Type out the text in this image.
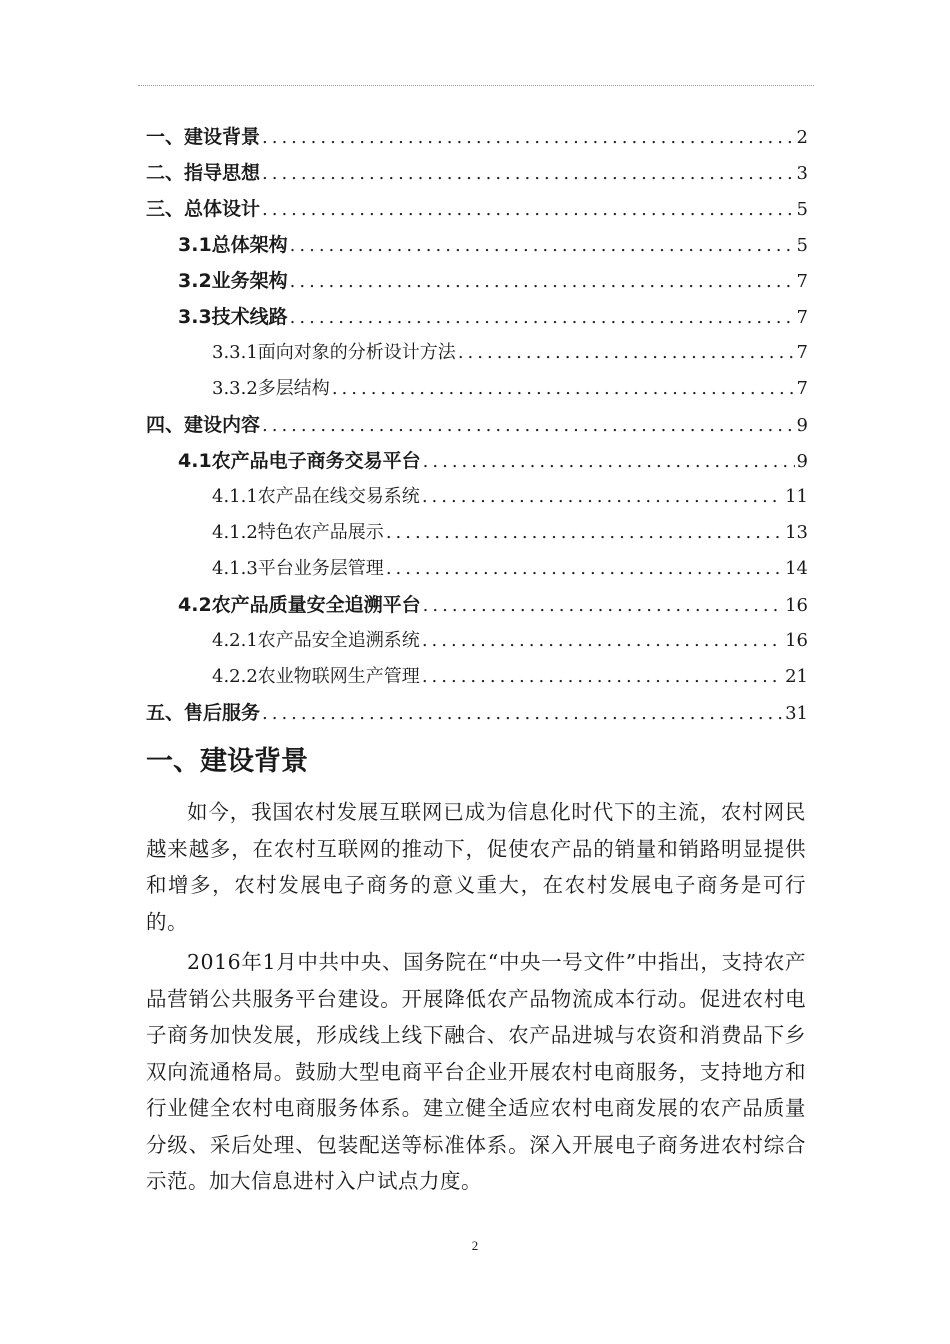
一、建设背景 .....	2
二、指导思想 .....	3
三、总体设计 .....	5
3.1总体架构 .....	5
3.2业务架构 .....	7
3.3技术线路 .....	7
3.3.1面向对象的分析设计方法 .....	7
3.3.2多层结构 .....	7
四、建设内容 .....	9
4.1农产品电子商务交易平台 .....	9
4.1.1农产品在线交易系统 .....	11
4.1.2特色农产品展示 .....	13
4.1.3平台业务层管理 .....	14
4.2农产品质量安全追溯平台 .....	16
4.2.1农产品安全追溯系统 .....	16
4.2.2农业物联网生产管理 .....	21
五、售后服务 .....	31
一、建设背景

如今，我国农村发展互联网已成为信息化时代下的主流，农村网民越来越多，在农村互联网的推动下，促使农产品的销量和销路明显提供和增多，农村发展电子商务的意义重大，在农村发展电子商务是可行的。

2016年1月中共中央、国务院在“中央一号文件”中指出，支持农产品营销公共服务平台建设。开展降低农产品物流成本行动。促进农村电子商务加快发展，形成线上线下融合、农产品进城与农资和消费品下乡双向流通格局。鼓励大型电商平台企业开展农村电商服务，支持地方和行业健全农村电商服务体系。建立健全适应农村电商发展的农产品质量分级、采后处理、包装配送等标准体系。深入开展电子商务进农村综合示范。加大信息进村入户试点力度。

2
